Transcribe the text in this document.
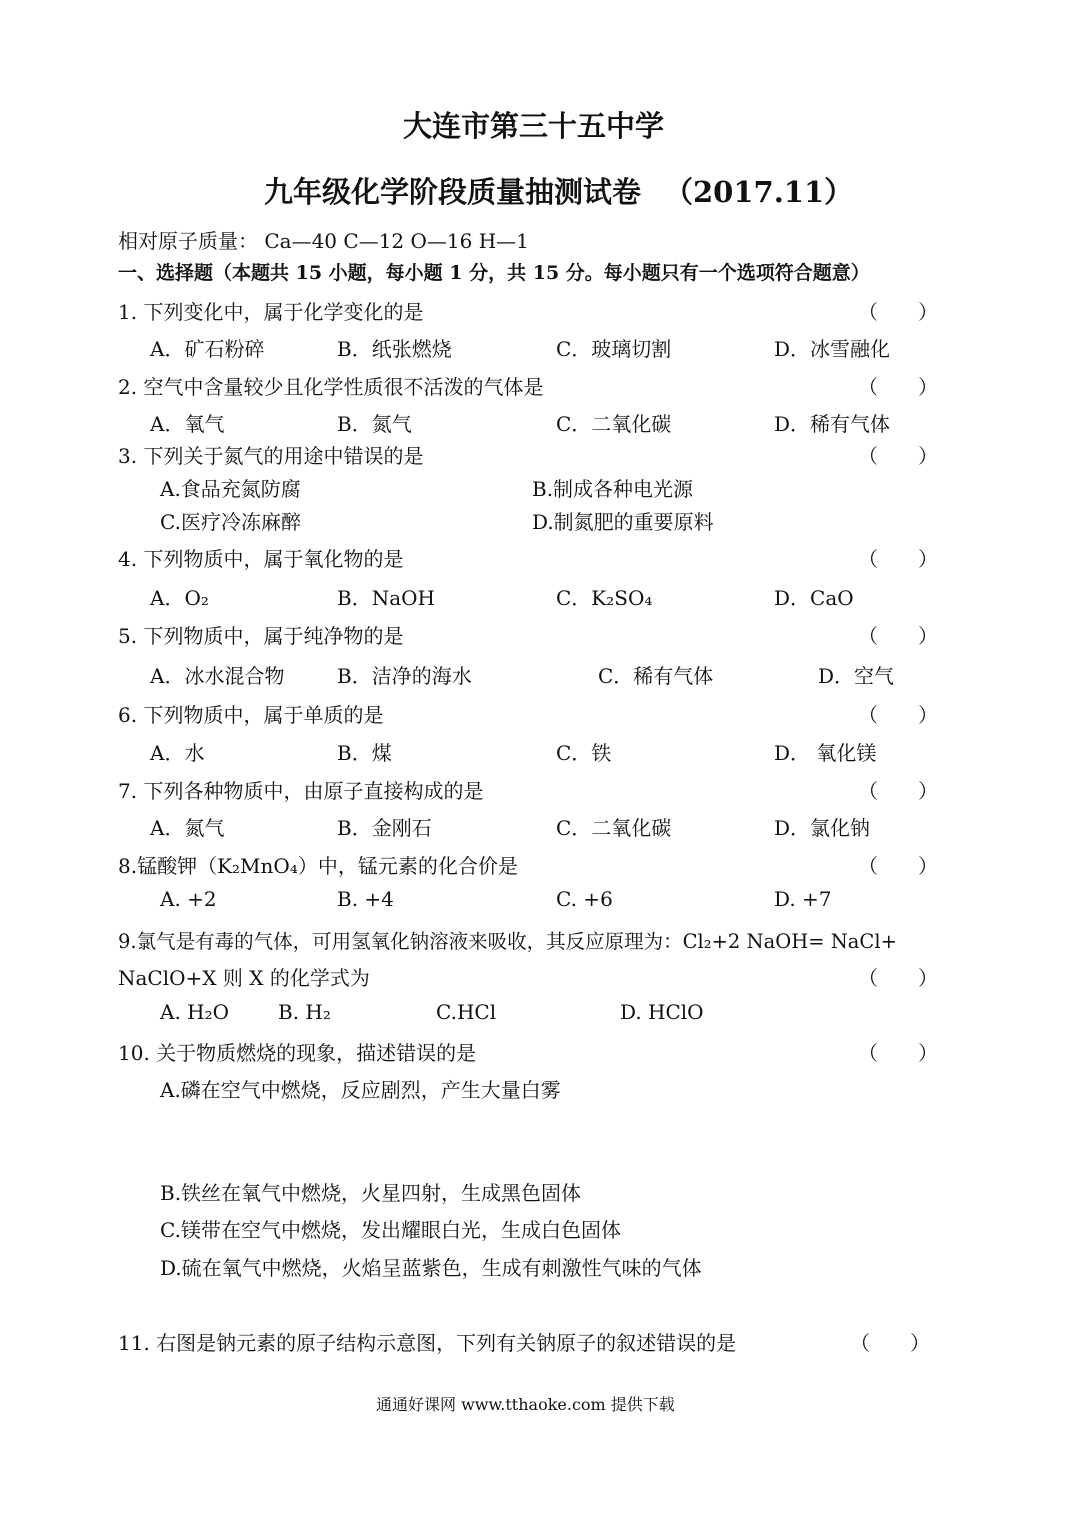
大连市第三十五中学
九年级化学阶段质量抽测试卷 （2017.11）
相对原子质量： Ca—40 C—12 O—16 H—1
一、选择题（本题共 15 小题，每小题 1 分，共 15 分。每小题只有一个选项符合题意）
1. 下列变化中，属于化学变化的是	（　　）
A．矿石粉碎	B．纸张燃烧	C．玻璃切割	D．冰雪融化
2. 空气中含量较少且化学性质很不活泼的气体是	（　　）
A．氧气	B．氮气	C．二氧化碳	D．稀有气体
3. 下列关于氮气的用途中错误的是	（　　）
A.食品充氮防腐	B.制成各种电光源
C.医疗冷冻麻醉	D.制氮肥的重要原料
4. 下列物质中，属于氧化物的是	（　　）
A．O₂	B．NaOH	C．K₂SO₄	D．CaO
5. 下列物质中，属于纯净物的是	（　　）
A．冰水混合物	B．洁净的海水	C．稀有气体	D．空气
6. 下列物质中，属于单质的是	（　　）
A．水	B．煤	C．铁	D． 氧化镁
7. 下列各种物质中，由原子直接构成的是	（　　）
A．氮气	B．金刚石	C．二氧化碳	D．氯化钠
8.锰酸钾（K₂MnO₄）中，锰元素的化合价是	（　　）
A. +2	B. +4	C. +6	D. +7
9.氯气是有毒的气体，可用氢氧化钠溶液来吸收，其反应原理为：Cl₂+2 NaOH= NaCl+
NaClO+X 则 X 的化学式为	（　　）
A. H₂O B. H₂	C.HCl	D. HClO
10. 关于物质燃烧的现象，描述错误的是	（　　）
A.磷在空气中燃烧，反应剧烈，产生大量白雾
B.铁丝在氧气中燃烧，火星四射，生成黑色固体
C.镁带在空气中燃烧，发出耀眼白光，生成白色固体
D.硫在氧气中燃烧，火焰呈蓝紫色，生成有刺激性气味的气体
11. 右图是钠元素的原子结构示意图，下列有关钠原子的叙述错误的是	（　　）
通通好课网 www.tthaoke.com 提供下载
